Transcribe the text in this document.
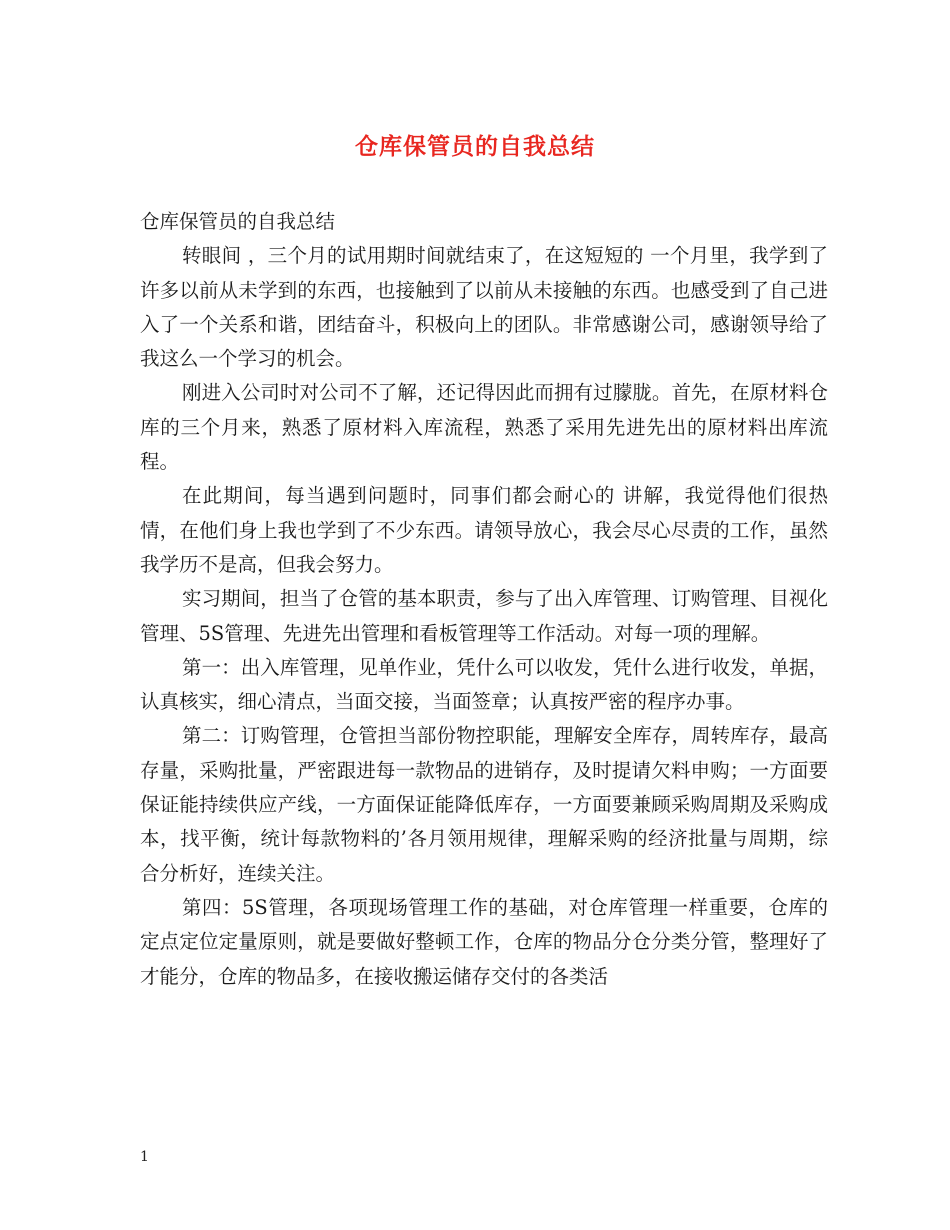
仓库保管员的自我总结

仓库保管员的自我总结

转眼间 ，三个月的试用期时间就结束了，在这短短的 一个月里，我学到了许多以前从未学到的东西，也接触到了以前从未接触的东西。也感受到了自己进入了一个关系和谐，团结奋斗，积极向上的团队。非常感谢公司，感谢领导给了我这么一个学习的机会。

刚进入公司时对公司不了解，还记得因此而拥有过朦胧。首先，在原材料仓库的三个月来，熟悉了原材料入库流程，熟悉了采用先进先出的原材料出库流程。

在此期间，每当遇到问题时，同事们都会耐心的 讲解，我觉得他们很热情，在他们身上我也学到了不少东西。请领导放心，我会尽心尽责的工作，虽然我学历不是高，但我会努力。

实习期间，担当了仓管的基本职责，参与了出入库管理、订购管理、目视化管理、5S管理、先进先出管理和看板管理等工作活动。对每一项的理解。

第一：出入库管理，见单作业，凭什么可以收发，凭什么进行收发，单据，认真核实，细心清点，当面交接，当面签章；认真按严密的程序办事。

第二：订购管理，仓管担当部份物控职能，理解安全库存，周转库存，最高存量，采购批量，严密跟进每一款物品的进销存，及时提请欠料申购；一方面要保证能持续供应产线，一方面保证能降低库存，一方面要兼顾采购周期及采购成本，找平衡，统计每款物料的’各月领用规律，理解采购的经济批量与周期，综合分析好，连续关注。

第四：5S管理，各项现场管理工作的基础，对仓库管理一样重要，仓库的定点定位定量原则，就是要做好整顿工作，仓库的物品分仓分类分管，整理好了才能分，仓库的物品多，在接收搬运储存交付的各类活

1
